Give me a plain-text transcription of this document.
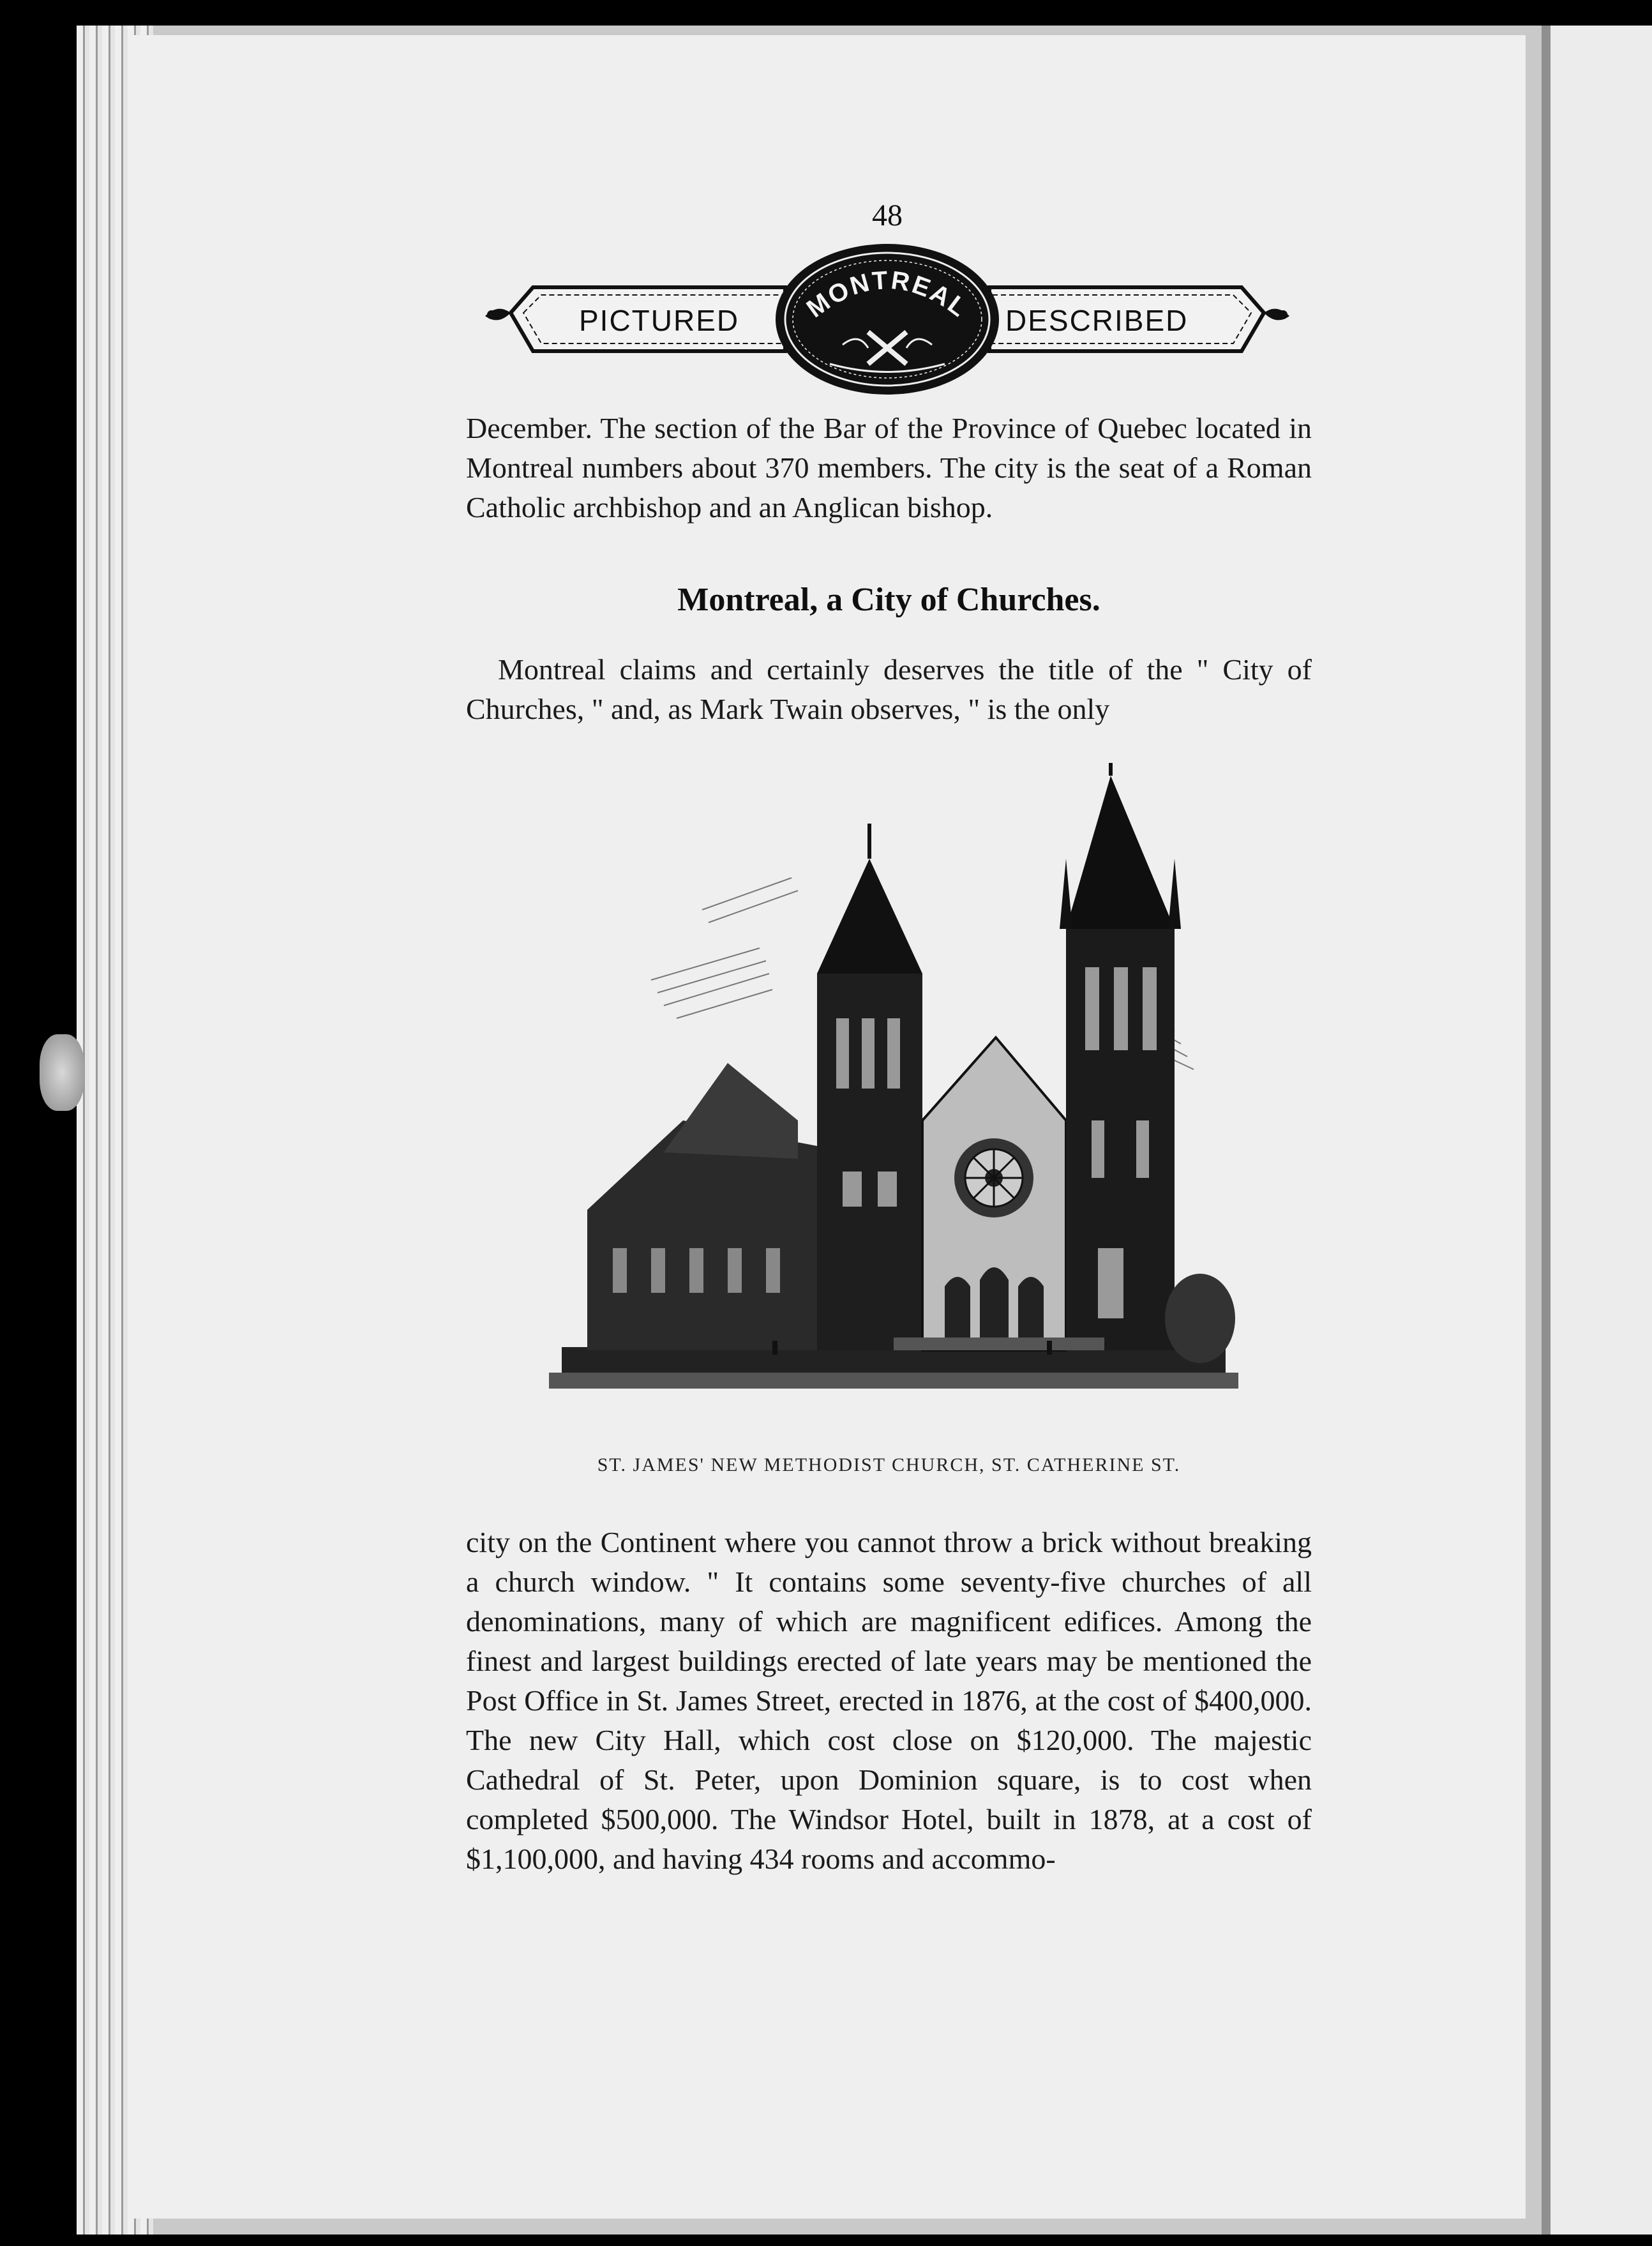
48
MONTREAL
PICTURED	DESCRIBED

December. The section of the Bar of the Province of Quebec located in Montreal numbers about 370 members. The city is the seat of a Roman Catholic archbishop and an Anglican bishop.

Montreal, a City of Churches.

Montreal claims and certainly deserves the title of the " City of Churches, " and, as Mark Twain observes, " is the only

ST. JAMES' NEW METHODIST CHURCH, ST. CATHERINE ST.

city on the Continent where you cannot throw a brick without breaking a church window. " It contains some seventy-five churches of all denominations, many of which are magnificent edifices. Among the finest and largest buildings erected of late years may be mentioned the Post Office in St. James Street, erected in 1876, at the cost of $400,000. The new City Hall, which cost close on $120,000. The majestic Cathedral of St. Peter, upon Dominion square, is to cost when completed $500,000. The Windsor Hotel, built in 1878, at a cost of $1,100,000, and having 434 rooms and accommo-
